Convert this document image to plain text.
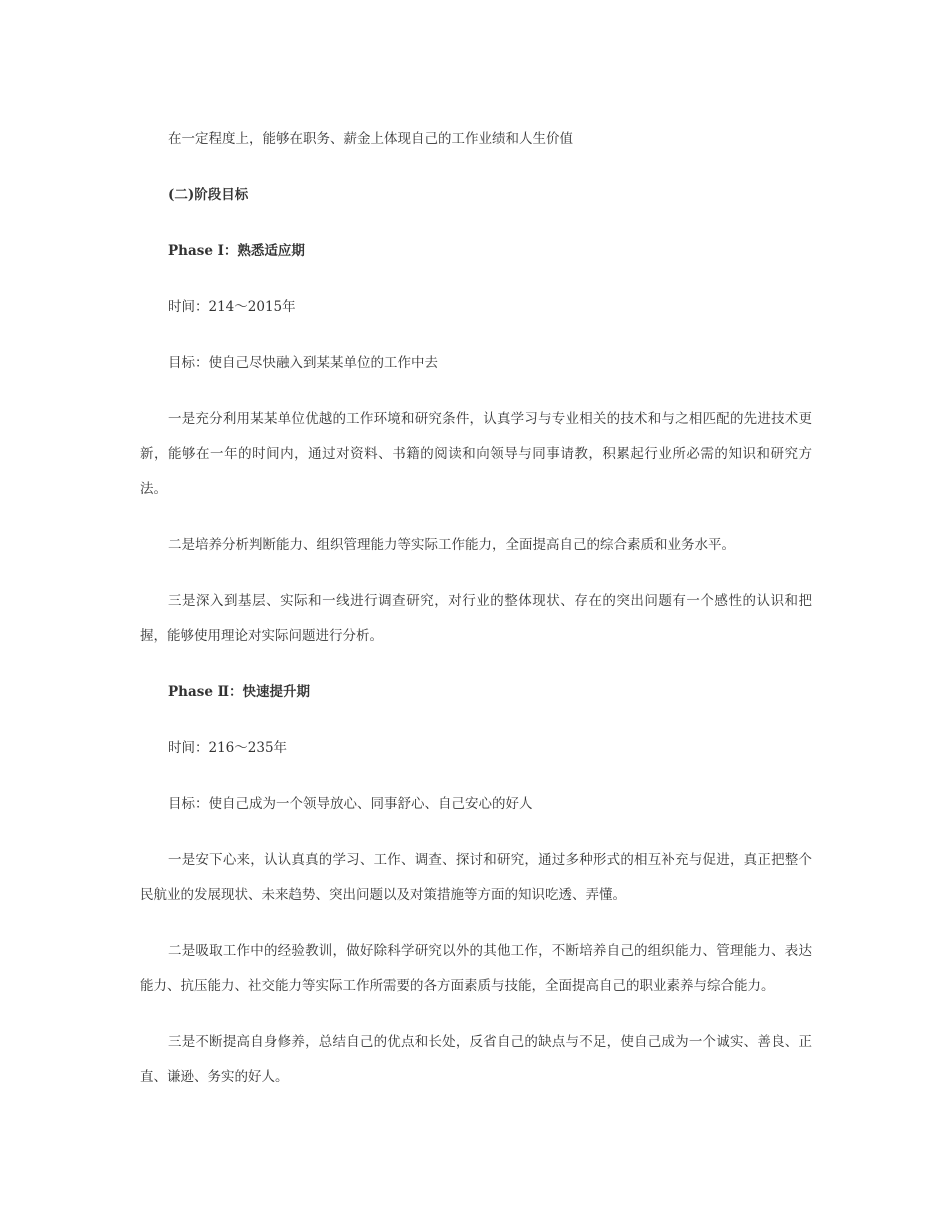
在一定程度上，能够在职务、薪金上体现自己的工作业绩和人生价值

(二)阶段目标

Phase Ⅰ：熟悉适应期

时间：214～2015年

目标：使自己尽快融入到某某单位的工作中去

一是充分利用某某单位优越的工作环境和研究条件，认真学习与专业相关的技术和与之相匹配的先进技术更新，能够在一年的时间内，通过对资料、书籍的阅读和向领导与同事请教，积累起行业所必需的知识和研究方法。

二是培养分析判断能力、组织管理能力等实际工作能力，全面提高自己的综合素质和业务水平。

三是深入到基层、实际和一线进行调查研究，对行业的整体现状、存在的突出问题有一个感性的认识和把握，能够使用理论对实际问题进行分析。

Phase Ⅱ：快速提升期

时间：216～235年

目标：使自己成为一个领导放心、同事舒心、自己安心的好人

一是安下心来，认认真真的学习、工作、调查、探讨和研究，通过多种形式的相互补充与促进，真正把整个民航业的发展现状、未来趋势、突出问题以及对策措施等方面的知识吃透、弄懂。

二是吸取工作中的经验教训，做好除科学研究以外的其他工作，不断培养自己的组织能力、管理能力、表达能力、抗压能力、社交能力等实际工作所需要的各方面素质与技能，全面提高自己的职业素养与综合能力。

三是不断提高自身修养，总结自己的优点和长处，反省自己的缺点与不足，使自己成为一个诚实、善良、正直、谦逊、务实的好人。
